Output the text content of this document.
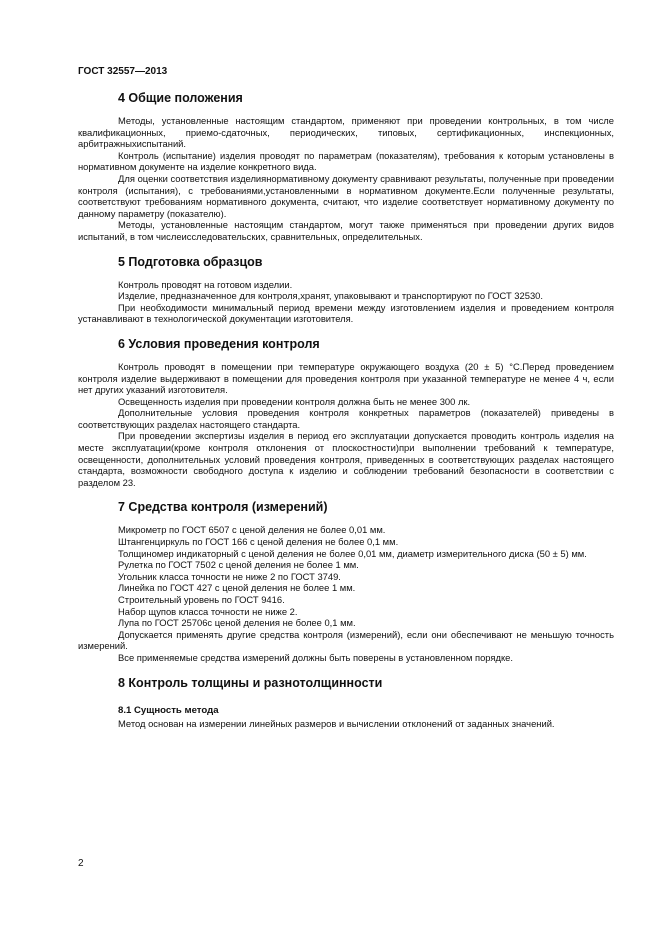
ГОСТ 32557—2013
4 Общие положения

Методы, установленные настоящим стандартом, применяют при проведении контрольных, в том числе квалификационных, приемо-сдаточных, периодических, типовых, сертификационных, инспекционных, арбитражныхиспытаний.

Контроль (испытание) изделия проводят по параметрам (показателям), требования к которым установлены в нормативном документе на изделие конкретного вида.

Для оценки соответствия изделиянормативному документу сравнивают результаты, полученные при проведении контроля (испытания), с требованиями,установленными в нормативном документе.Если полученные результаты, соответствуют требованиям нормативного документа, считают, что изделие соответствует нормативному документу по данному параметру (показателю).

Методы, установленные настоящим стандартом, могут также применяться при проведении других видов испытаний, в том числеисследовательских, сравнительных, определительных.

5 Подготовка образцов

Контроль проводят на готовом изделии.

Изделие, предназначенное для контроля,хранят, упаковывают и транспортируют по ГОСТ 32530.

При необходимости минимальный период времени между изготовлением изделия и проведением контроля устанавливают в технологической документации изготовителя.

6 Условия проведения контроля

Контроль проводят в помещении при температуре окружающего воздуха (20 ± 5) °С.Перед проведением контроля изделие выдерживают в помещении для проведения контроля при указанной температуре не менее 4 ч, если нет других указаний изготовителя.

Освещенность изделия при проведении контроля должна быть не менее 300 лк.

Дополнительные условия проведения контроля конкретных параметров (показателей) приведены в соответствующих разделах настоящего стандарта.

При проведении экспертизы изделия в период его эксплуатации допускается проводить контроль изделия на месте эксплуатации(кроме контроля отклонения от плоскостности)при выполнении требований к температуре, освещенности, дополнительных условий проведения контроля, приведенных в соответствующих разделах настоящего стандарта, возможности свободного доступа к изделию и соблюдении требований безопасности в соответствии с разделом 23.

7 Средства контроля (измерений)

Микрометр по ГОСТ 6507 с ценой деления не более 0,01 мм.

Штангенциркуль по ГОСТ 166 с ценой деления не более 0,1 мм.

Толщиномер индикаторный с ценой деления не более 0,01 мм, диаметр измерительного диска (50 ± 5) мм.

Рулетка по ГОСТ 7502 с ценой деления не более 1 мм.

Угольник класса точности не ниже 2 по ГОСТ 3749.

Линейка по ГОСТ 427 с ценой деления не более 1 мм.

Строительный уровень по ГОСТ 9416.

Набор щупов класса точности не ниже 2.

Лупа по ГОСТ 25706с ценой деления не более 0,1 мм.

Допускается применять другие средства контроля (измерений), если они обеспечивают не меньшую точность измерений.

Все применяемые средства измерений должны быть поверены в установленном порядке.

8 Контроль толщины и разнотолщинности
8.1 Сущность метода

Метод основан на измерении линейных размеров и вычислении отклонений от заданных значений.

2
